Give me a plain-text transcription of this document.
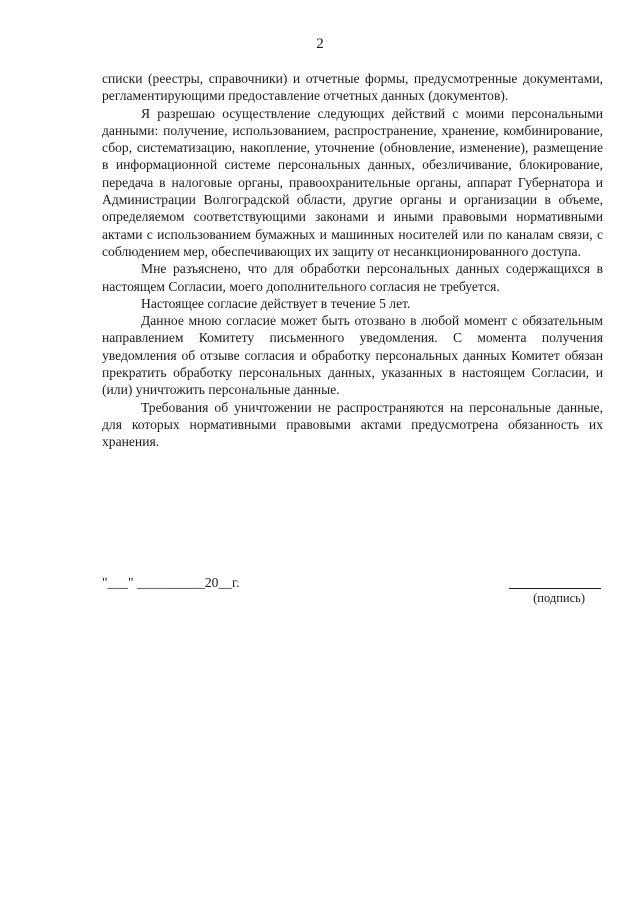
2

списки (реестры, справочники) и отчетные формы, предусмотренные документами, регламентирующими предоставление отчетных данных (документов).

Я разрешаю осуществление следующих действий с моими персональными данными: получение, использованием, распространение, хранение, комбинирование, сбор, систематизацию, накопление, уточнение (обновление, изменение), размещение в информационной системе персональных данных, обезличивание, блокирование, передача в налоговые органы, правоохранительные органы, аппарат Губернатора и Администрации Волгоградской области, другие органы и организации в объеме, определяемом соответствующими законами и иными правовыми нормативными актами с использованием бумажных и машинных носителей или по каналам связи, с соблюдением мер, обеспечивающих их защиту от несанкционированного доступа.

Мне разъяснено, что для обработки персональных данных содержащихся в настоящем Согласии, моего дополнительного согласия не требуется.

Настоящее согласие действует в течение 5 лет.

Данное мною согласие может быть отозвано в любой момент с обязательным направлением Комитету письменного уведомления. С момента получения уведомления об отзыве согласия и обработку персональных данных Комитет обязан прекратить обработку персональных данных, указанных в настоящем Согласии, и (или) уничтожить персональные данные.

Требования об уничтожении не распространяются на персональные данные, для которых нормативными правовыми актами предусмотрена обязанность их хранения.

"___" __________20__г.
(подпись)
